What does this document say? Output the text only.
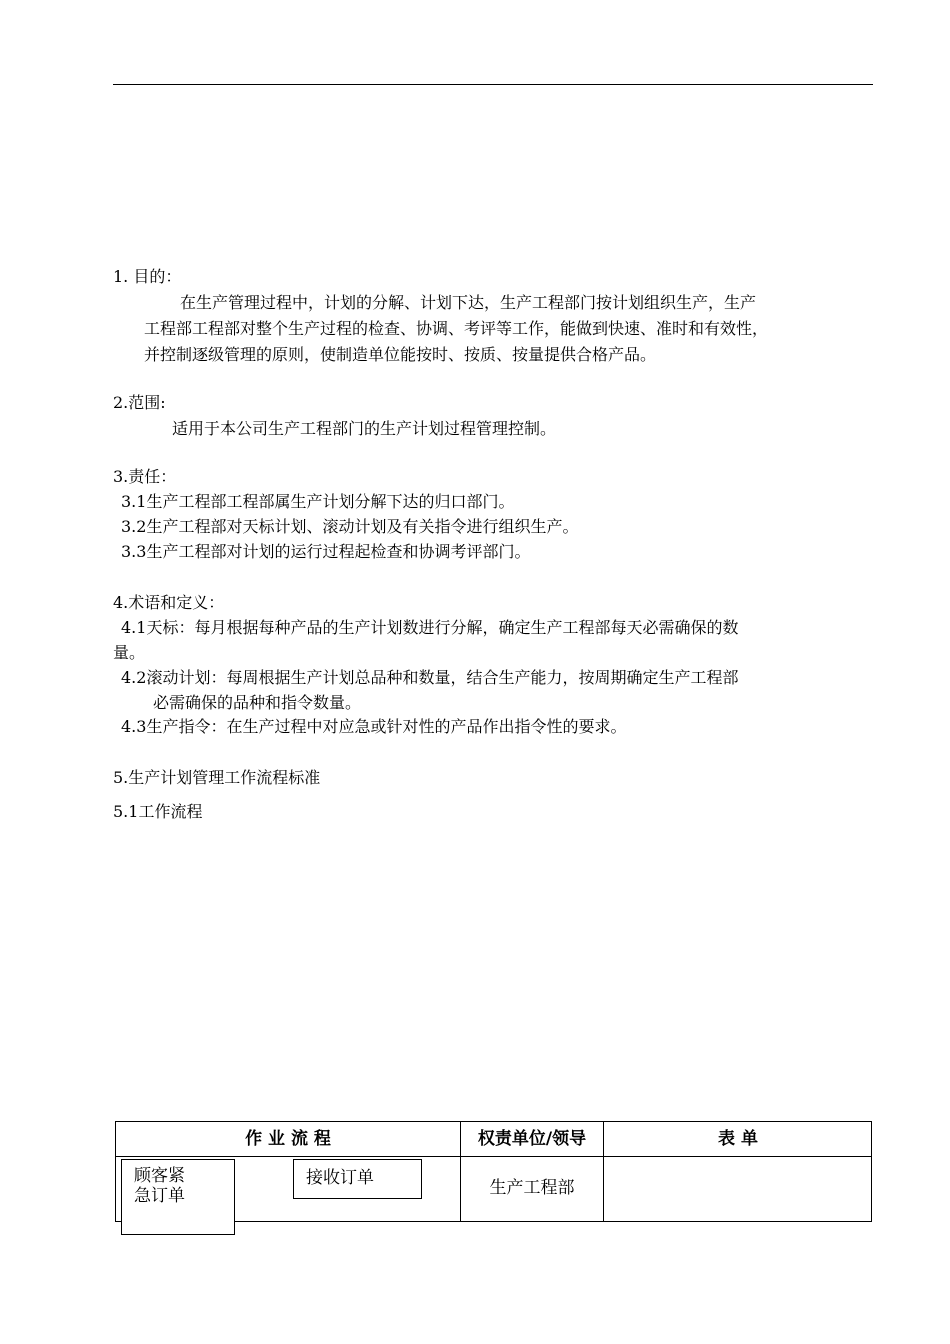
1. 目的：
在生产管理过程中，计划的分解、计划下达，生产工程部门按计划组织生产，生产
工程部工程部对整个生产过程的检查、协调、考评等工作，能做到快速、准时和有效性，
并控制逐级管理的原则，使制造单位能按时、按质、按量提供合格产品。
2.范围:
适用于本公司生产工程部门的生产计划过程管理控制。
3.责任：
3.1生产工程部工程部属生产计划分解下达的归口部门。
3.2生产工程部对天标计划、滚动计划及有关指令进行组织生产。
3.3生产工程部对计划的运行过程起检查和协调考评部门。
4.术语和定义：
4.1天标：每月根据每种产品的生产计划数进行分解，确定生产工程部每天必需确保的数
量。
4.2滚动计划：每周根据生产计划总品种和数量，结合生产能力，按周期确定生产工程部
必需确保的品种和指令数量。
4.3生产指令：在生产过程中对应急或针对性的产品作出指令性的要求。
5.生产计划管理工作流程标准
5.1工作流程
作 业 流 程	权责单位/领导	表 单
生产工程部
接收订单
顾客紧
急订单
